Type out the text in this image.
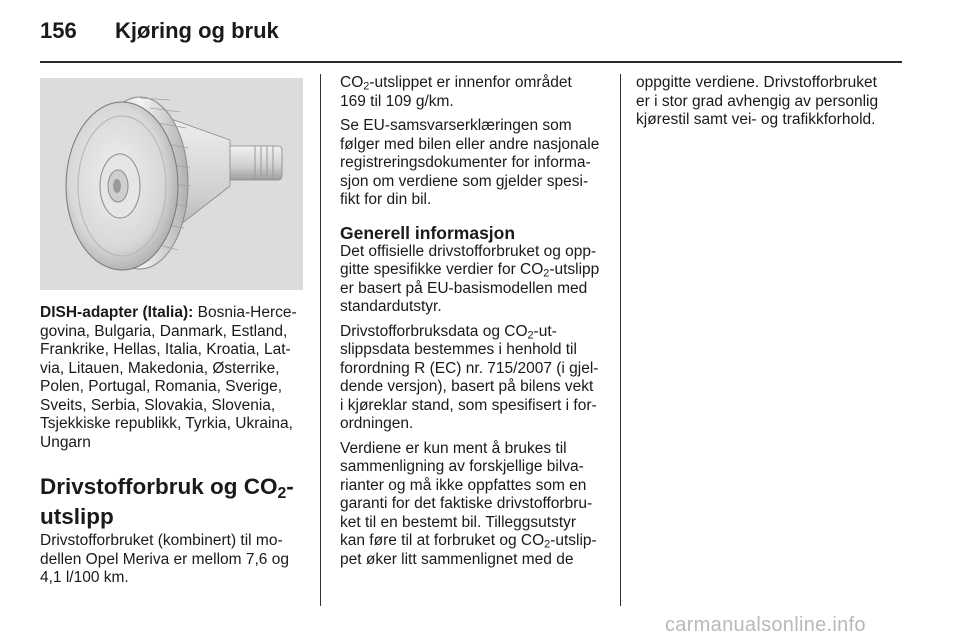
156 Kjøring og bruk

DISH-adapter (Italia): Bosnia-Herce-
govina, Bulgaria, Danmark, Estland,
Frankrike, Hellas, Italia, Kroatia, Lat-
via, Litauen, Makedonia, Østerrike,
Polen, Portugal, Romania, Sverige,
Sveits, Serbia, Slovakia, Slovenia,
Tsjekkiske republikk, Tyrkia, Ukraina,
Ungarn

Drivstofforbruk og $CO_2-$
utslipp

Drivstofforbruket (kombinert) til mo-
dellen Opel Meriva er mellom 7,6 og
4,1 l/100 km.

$CO_2$-utslippet er innenfor området
169 til 109 g/km.

Se EU-samsvarserklæringen som
følger med bilen eller andre nasjonale
registreringsdokumenter for informa-
sjon om verdiene som gjelder spesi-
fikt for din bil.

Generell informasjon

Det offisielle drivstofforbruket og opp-
gitte spesifikke verdier for $CO_2$-utslipp
er basert på EU-basismodellen med
standardutstyr.

Drivstofforbruksdata og $CO_2-ut-$
slippsdata bestemmes i henhold til
forordning R (EC) nr. 715/2007 (i gjel-
dende versjon), basert på bilens vekt
i kjøreklar stand, som spesifisert i for-
ordningen.

Verdiene er kun ment å brukes til
sammenligning av forskjellige bilva-
rianter og må ikke oppfattes som en
garanti for det faktiske drivstofforbru-
ket til en bestemt bil. Tilleggsutstyr
kan føre til at forbruket og $CO_2-utslip-$
pet øker litt sammenlignet med de

oppgitte verdiene. Drivstofforbruket
er i stor grad avhengig av personlig
kjørestil samt vei- og trafikkforhold.

carmanualsonline.info
